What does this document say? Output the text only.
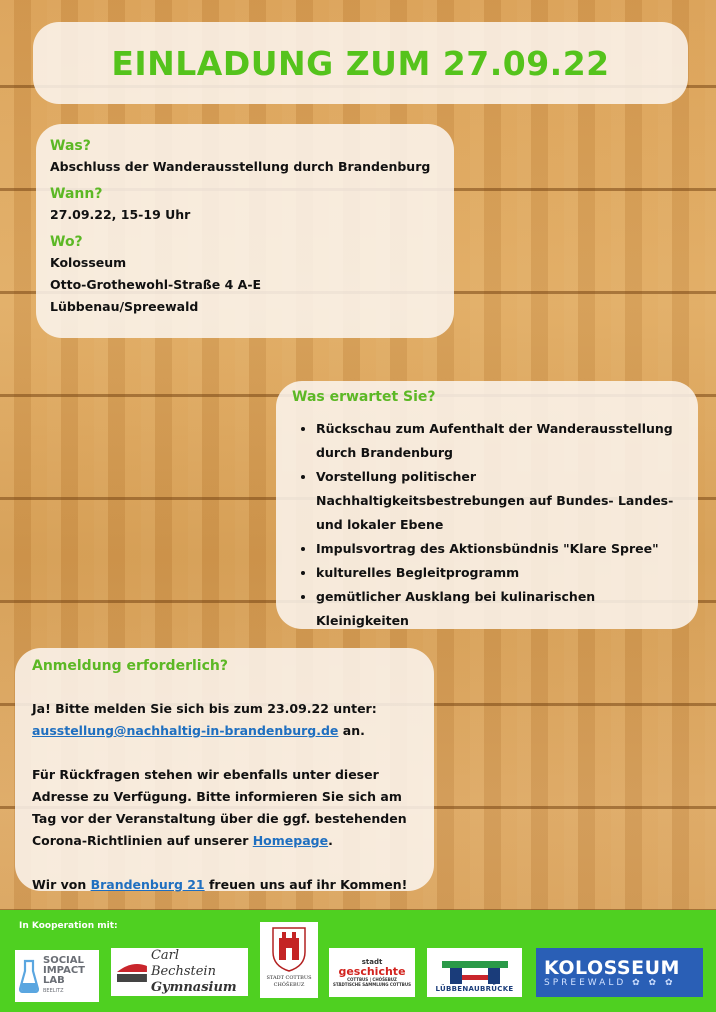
EINLADUNG ZUM 27.09.22
Was?
Abschluss der Wanderausstellung durch Brandenburg
Wann?
27.09.22, 15-19 Uhr
Wo?
Kolosseum
Otto-Grothewohl-Straße 4 A-E
Lübbenau/Spreewald
Was erwartet Sie?
• Rückschau zum Aufenthalt der Wanderausstellung durch Brandenburg
• Vorstellung politischer Nachhaltigkeitsbestrebungen auf Bundes- Landes- und lokaler Ebene
• Impulsvortrag des Aktionsbündnis "Klare Spree"
• kulturelles Begleitprogramm
• gemütlicher Ausklang bei kulinarischen Kleinigkeiten
Anmeldung erforderlich?

Ja! Bitte melden Sie sich bis zum 23.09.22 unter:
ausstellung@nachhaltig-in-brandenburg.de an.

Für Rückfragen stehen wir ebenfalls unter dieser Adresse zu Verfügung. Bitte informieren Sie sich am Tag vor der Veranstaltung über die ggf. bestehenden Corona-Richtlinien auf unserer Homepage.

Wir von Brandenburg 21 freuen uns auf ihr Kommen!

In Kooperation mit:
SOCIAL
IMPACT
LAB
BEELITZ
Carl Bechstein
Gymnasium
STADT COTTBUS
CHÓŠEBUZ
stadt
geschichte
COTTBUS | CHÓŠEBUZ
STÄDTISCHE SAMMLUNG COTTBUS
LÜBBENAUBRÜCKE
KOLOSSEUM
SPREEWALD ✿ ✿ ✿
